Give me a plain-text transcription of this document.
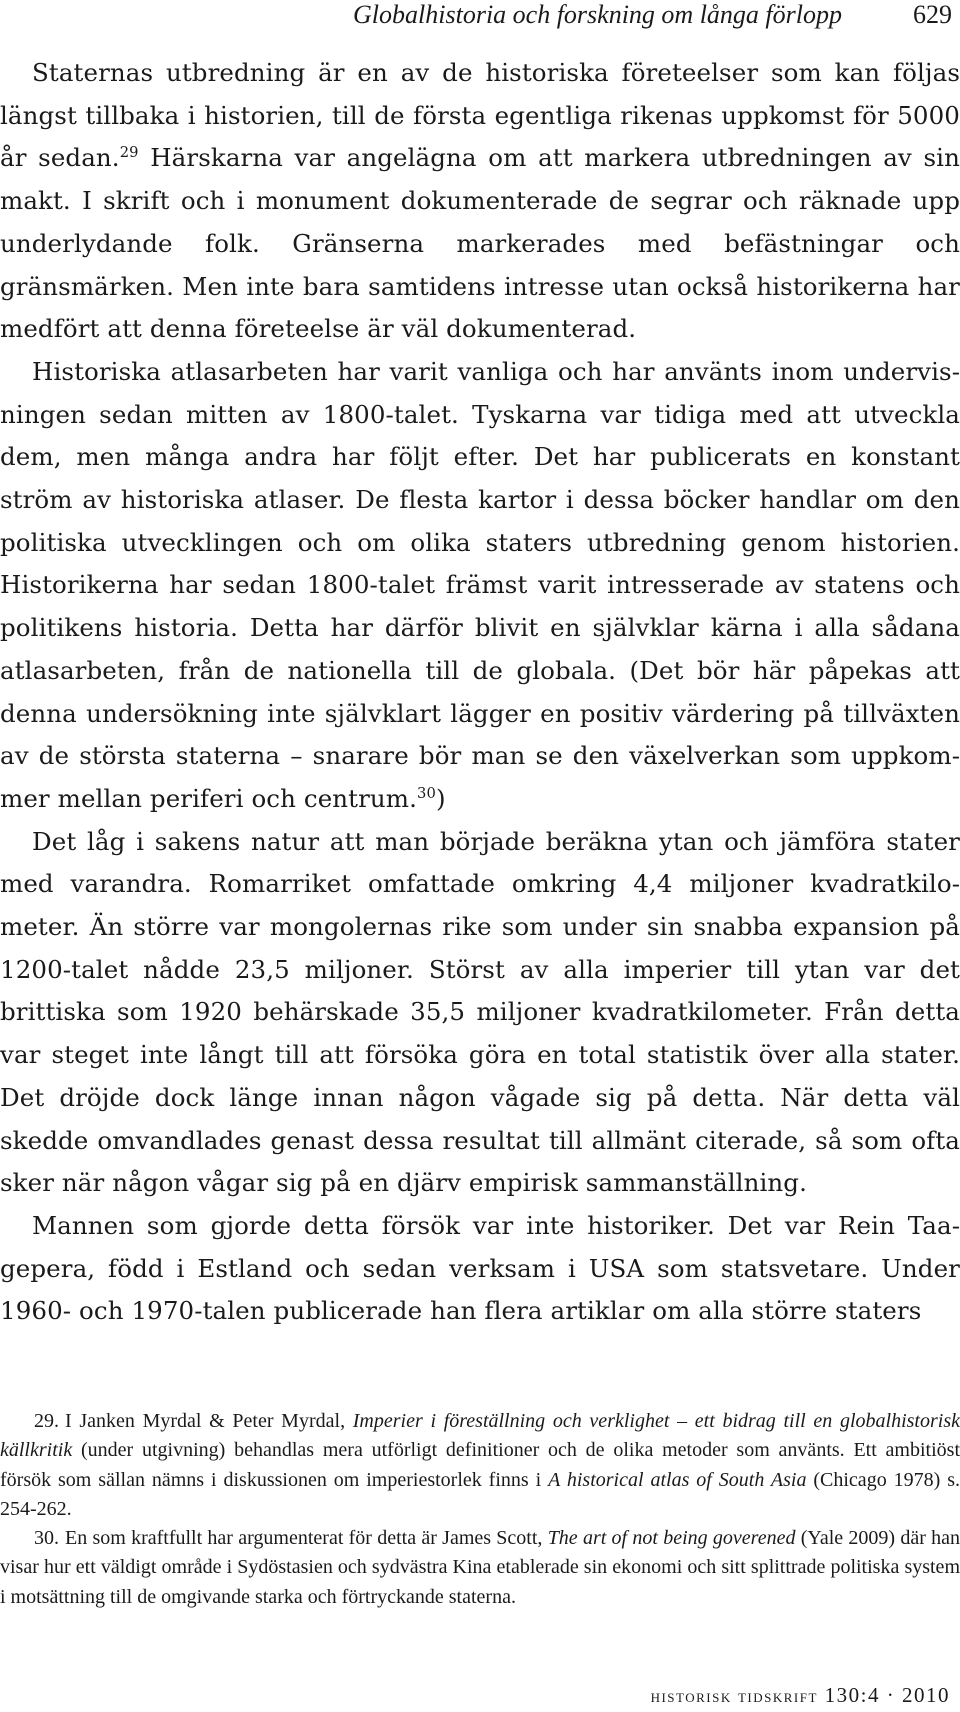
Globalhistoria och forskning om långa förlopp	629

Staternas utbredning är en av de historiska företeelser som kan följas längst tillbaka i historien, till de första egentliga rikenas uppkomst för 5000 år sedan.$^{29}$ Härskarna var angelägna om att markera utbredningen av sin makt. I skrift och i monument dokumenterade de segrar och räknade upp underlydande folk. Gränserna markerades med befästningar och gränsmärken. Men inte bara samtidens intresse utan också historikerna har medfört att denna företeelse är väl dokumenterad.

Historiska atlasarbeten har varit vanliga och har använts inom undervisningen sedan mitten av 1800-talet. Tyskarna var tidiga med att utveckla dem, men många andra har följt efter. Det har publicerats en konstant ström av historiska atlaser. De flesta kartor i dessa böcker handlar om den politiska utvecklingen och om olika staters utbredning genom historien. Historikerna har sedan 1800-talet främst varit intresserade av statens och politikens historia. Detta har därför blivit en självklar kärna i alla sådana atlasarbeten, från de nationella till de globala. (Det bör här påpekas att denna undersökning inte självklart lägger en positiv värdering på tillväxten av de största staterna – snarare bör man se den växelverkan som uppkommer mellan periferi och centrum.$^{30}$)

Det låg i sakens natur att man började beräkna ytan och jämföra stater med varandra. Romarriket omfattade omkring 4,4 miljoner kvadratkilometer. Än större var mongolernas rike som under sin snabba expansion på 1200-talet nådde 23,5 miljoner. Störst av alla imperier till ytan var det brittiska som 1920 behärskade 35,5 miljoner kvadratkilometer. Från detta var steget inte långt till att försöka göra en total statistik över alla stater. Det dröjde dock länge innan någon vågade sig på detta. När detta väl skedde omvandlades genast dessa resultat till allmänt citerade, så som ofta sker när någon vågar sig på en djärv empirisk sammanställning.

Mannen som gjorde detta försök var inte historiker. Det var Rein Taagepera, född i Estland och sedan verksam i USA som statsvetare. Under 1960- och 1970-talen publicerade han flera artiklar om alla större staters

29. I Janken Myrdal & Peter Myrdal, Imperier i föreställning och verklighet – ett bidrag till en globalhistorisk källkritik (under utgivning) behandlas mera utförligt definitioner och de olika metoder som använts. Ett ambitiöst försök som sällan nämns i diskussionen om imperiestorlek finns i A historical atlas of South Asia (Chicago 1978) s. 254-262.

30. En som kraftfullt har argumenterat för detta är James Scott, The art of not being goverened (Yale 2009) där han visar hur ett väldigt område i Sydöstasien och sydvästra Kina etablerade sin ekonomi och sitt splittrade politiska system i motsättning till de omgivande starka och förtryckande staterna.

historisk tidskrift 130:4 · 2010
